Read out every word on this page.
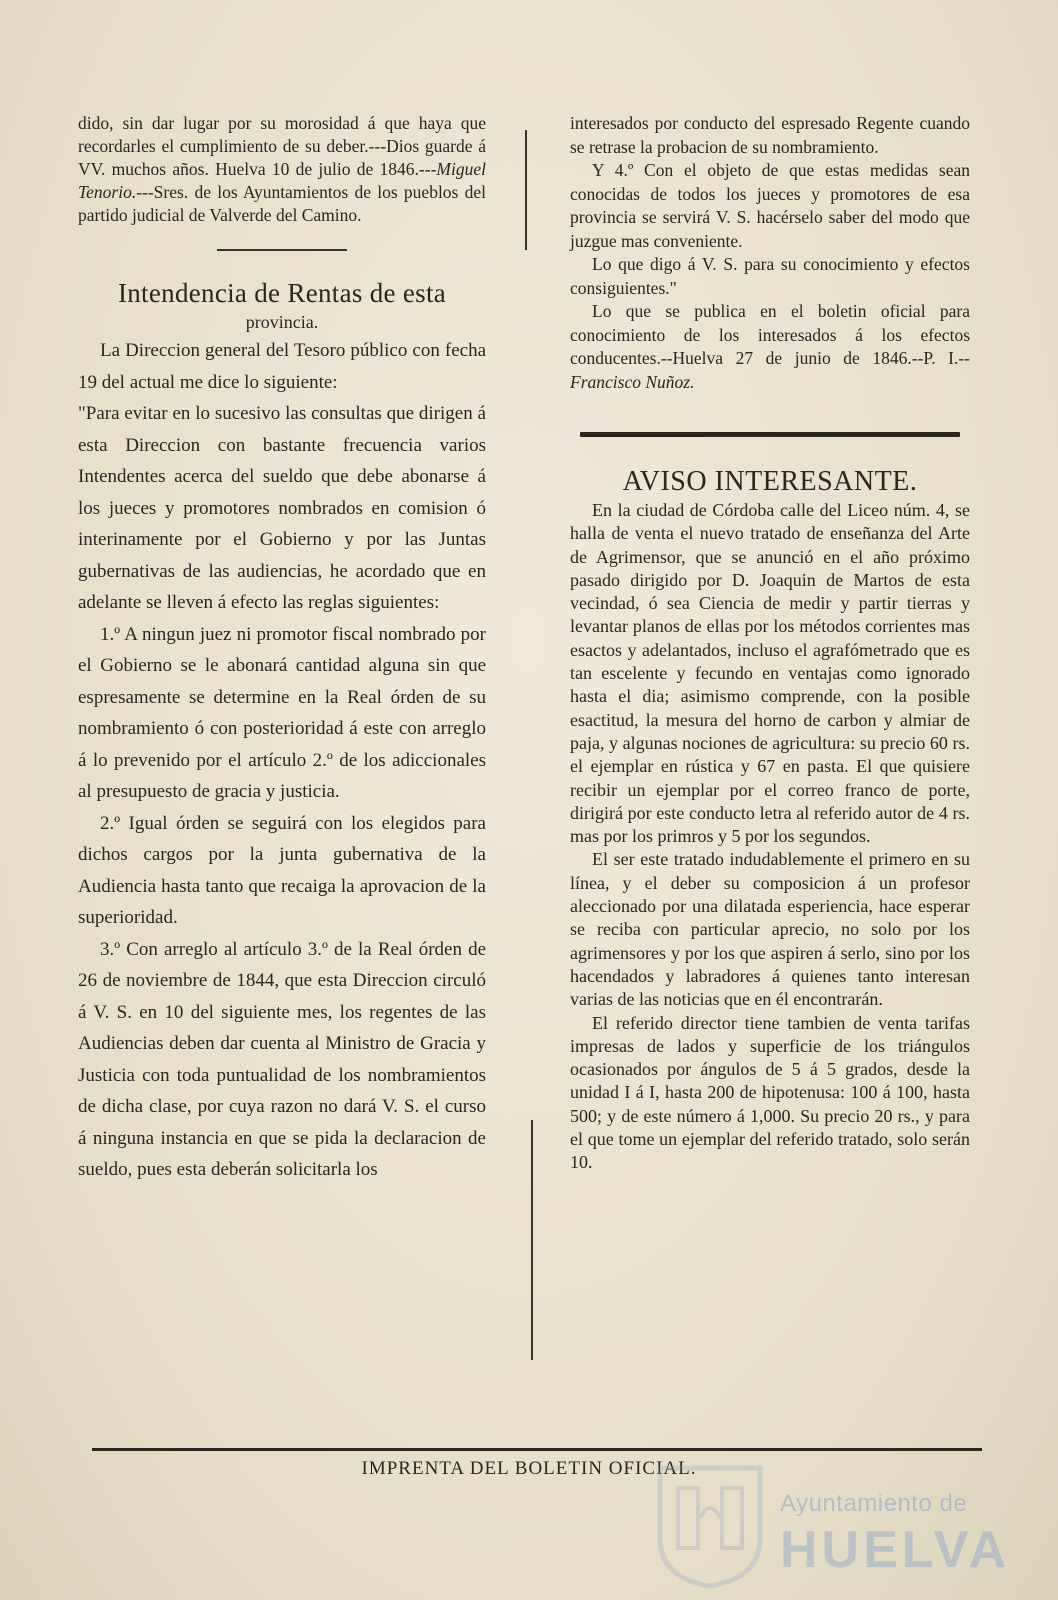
dido, sin dar lugar por su morosidad á que haya que recordarles el cumplimiento de su deber.---Dios guarde á VV. muchos años. Huelva 10 de julio de 1846.---Miguel Tenorio.---Sres. de los Ayuntamientos de los pueblos del partido judicial de Valverde del Camino.

Intendencia de Rentas de esta

provincia.

La Direccion general del Tesoro público con fecha 19 del actual me dice lo siguiente:

"Para evitar en lo sucesivo las consultas que dirigen á esta Direccion con bastante frecuencia varios Intendentes acerca del sueldo que debe abonarse á los jueces y promotores nombrados en comision ó interinamente por el Gobierno y por las Juntas gubernativas de las audiencias, he acordado que en adelante se lleven á efecto las reglas siguientes:

1.º A ningun juez ni promotor fiscal nombrado por el Gobierno se le abonará cantidad alguna sin que espresamente se determine en la Real órden de su nombramiento ó con posterioridad á este con arreglo á lo prevenido por el artículo 2.º de los adiccionales al presupuesto de gracia y justicia.

2.º Igual órden se seguirá con los elegidos para dichos cargos por la junta gubernativa de la Audiencia hasta tanto que recaiga la aprovacion de la superioridad.

3.º Con arreglo al artículo 3.º de la Real órden de 26 de noviembre de 1844, que esta Direccion circuló á V. S. en 10 del siguiente mes, los regentes de las Audiencias deben dar cuenta al Ministro de Gracia y Justicia con toda puntualidad de los nombramientos de dicha clase, por cuya razon no dará V. S. el curso á ninguna instancia en que se pida la declaracion de sueldo, pues esta deberán solicitarla los

interesados por conducto del espresado Regente cuando se retrase la probacion de su nombramiento.

Y 4.º Con el objeto de que estas medidas sean conocidas de todos los jueces y promotores de esa provincia se servirá V. S. hacérselo saber del modo que juzgue mas conveniente.

Lo que digo á V. S. para su conocimiento y efectos consiguientes."

Lo que se publica en el boletin oficial para conocimiento de los interesados á los efectos conducentes.--Huelva 27 de junio de 1846.--P. I.--Francisco Nuñoz.

AVISO INTERESANTE.

En la ciudad de Córdoba calle del Liceo núm. 4, se halla de venta el nuevo tratado de enseñanza del Arte de Agrimensor, que se anunció en el año próximo pasado dirigido por D. Joaquin de Martos de esta vecindad, ó sea Ciencia de medir y partir tierras y levantar planos de ellas por los métodos corrientes mas esactos y adelantados, incluso el agrafómetrado que es tan escelente y fecundo en ventajas como ignorado hasta el dia; asimismo comprende, con la posible esactitud, la mesura del horno de carbon y almiar de paja, y algunas nociones de agricultura: su precio 60 rs. el ejemplar en rústica y 67 en pasta. El que quisiere recibir un ejemplar por el correo franco de porte, dirigirá por este conducto letra al referido autor de 4 rs. mas por los primros y 5 por los segundos.

El ser este tratado indudablemente el primero en su línea, y el deber su composicion á un profesor aleccionado por una dilatada esperiencia, hace esperar se reciba con particular aprecio, no solo por los agrimensores y por los que aspiren á serlo, sino por los hacendados y labradores á quienes tanto interesan varias de las noticias que en él encontrarán.

El referido director tiene tambien de venta tarifas impresas de lados y superficie de los triángulos ocasionados por ángulos de 5 á 5 grados, desde la unidad I á I, hasta 200 de hipotenusa: 100 á 100, hasta 500; y de este número á 1,000. Su precio 20 rs., y para el que tome un ejemplar del referido tratado, solo serán 10.

IMPRENTA DEL BOLETIN OFICIAL.
Ayuntamiento de
HUELVA
